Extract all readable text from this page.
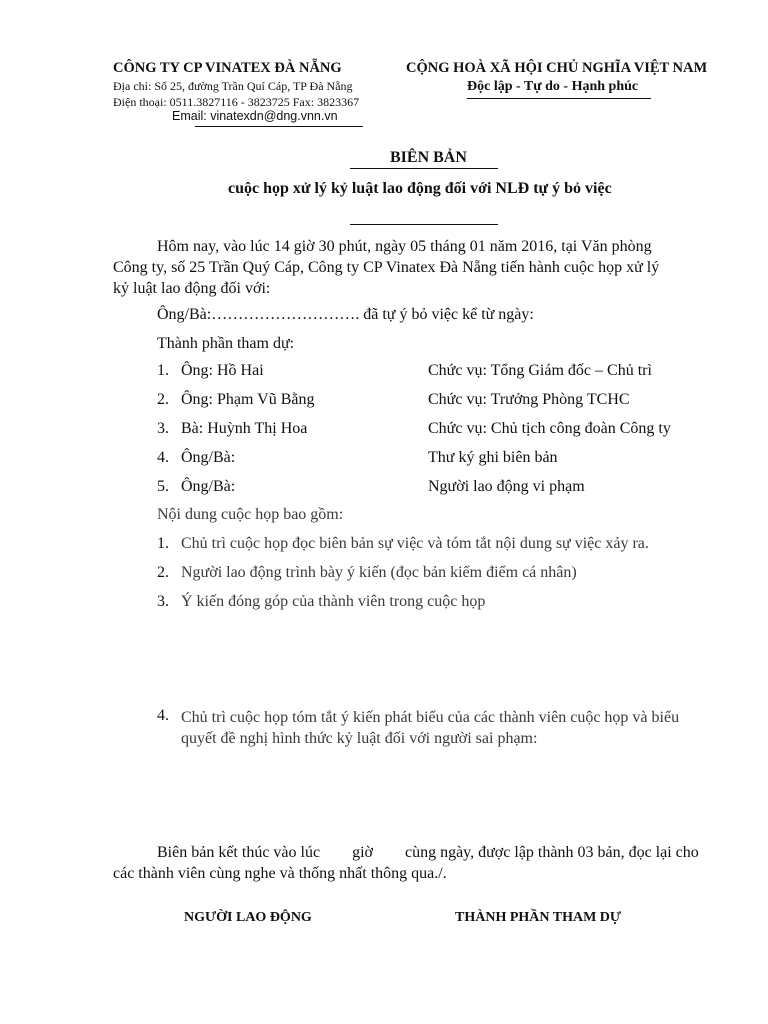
CÔNG TY CP VINATEX ĐÀ NẴNG
Địa chỉ: Số 25, đường Trần Quí Cáp, TP Đà Nẵng
Điện thoại: 0511.3827116 - 3823725 Fax: 3823367
Email: vinatexdn@dng.vnn.vn
CỘNG HOÀ XÃ HỘI CHỦ NGHĨA VIỆT NAM
Độc lập - Tự do - Hạnh phúc
BIÊN BẢN
cuộc họp xử lý kỷ luật lao động đối với NLĐ tự ý bỏ việc
Hôm nay, vào lúc 14 giờ 30 phút, ngày 05 tháng 01 năm 2016, tại Văn phòng Công ty, số 25 Trần Quý Cáp, Công ty CP Vinatex Đà Nẵng tiến hành cuộc họp xử lý kỷ luật lao động đối với:
Ông/Bà:………………………. đã tự ý bỏ việc kể từ ngày:
Thành phần tham dự:
1. Ông: Hồ Hai	Chức vụ: Tổng Giám đốc – Chủ trì
2. Ông: Phạm Vũ Bằng	Chức vụ: Trưởng Phòng TCHC
3. Bà: Huỳnh Thị Hoa	Chức vụ: Chủ tịch công đoàn Công ty
4. Ông/Bà:	Thư ký ghi biên bản
5. Ông/Bà:	Người lao động vi phạm
Nội dung cuộc họp bao gồm:
1. Chủ trì cuộc họp đọc biên bản sự việc và tóm tắt nội dung sự việc xảy ra.
2. Người lao động trình bày ý kiến (đọc bản kiểm điểm cá nhân)
3. Ý kiến đóng góp của thành viên trong cuộc họp
4. Chủ trì cuộc họp tóm tắt ý kiến phát biểu của các thành viên cuộc họp và biểu quyết đề nghị hình thức kỷ luật đối với người sai phạm:
Biên bản kết thúc vào lúc        giờ        cùng ngày, được lập thành 03 bản, đọc lại cho các thành viên cùng nghe và thống nhất thông qua./.
NGƯỜI LAO ĐỘNG	THÀNH PHẦN THAM DỰ
